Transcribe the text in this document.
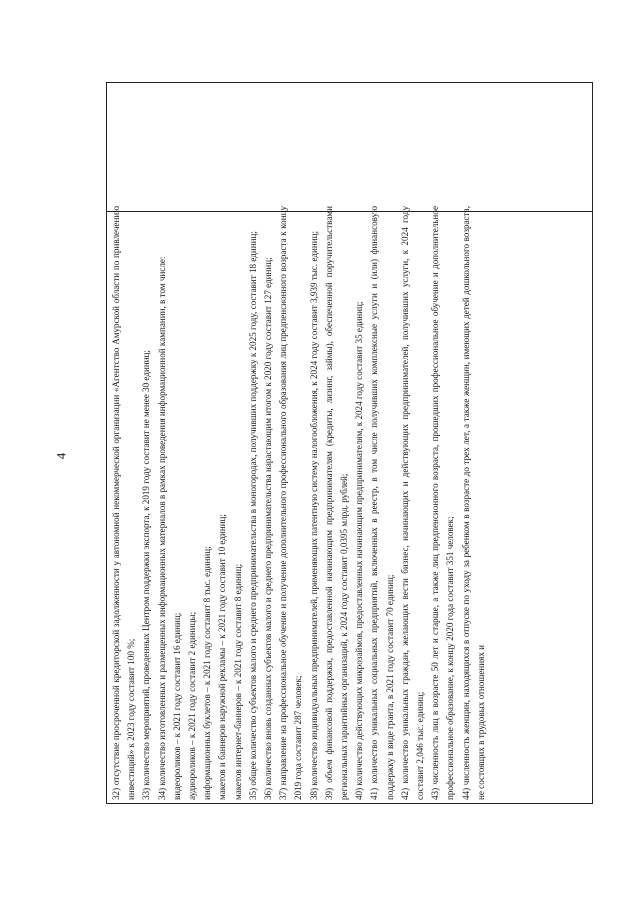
4	32) отсутствие просроченной кредиторской задолженности у автономной некоммерческой организации «Агентство Амурской области по привлечению инвестиций» к 2023 году составит 100 %; 33) количество мероприятий, проведенных Центром поддержки экспорта, к 2019 году составит не менее 30 единиц; 34) количество изготовленных и размещенных информационных материалов в рамках проведения информационной кампании, в том числе: видеороликов – к 2021 году составит 16 единиц; аудиороликов – к 2021 году составит 2 единицы; информационных буклетов – к 2021 году составит 8 тыс. единиц; макетов и баннеров наружной рекламы – к 2021 году составит 10 единиц; макетов интернет-баннеров – к 2021 году составит 8 единиц; 35) общее количество субъектов малого и среднего предпринимательства в моногородах, получивших поддержку к 2025 году, составит 18 единиц; 36) количество вновь созданных субъектов малого и среднего предпринимательства нарастающим итогом к 2020 году составит 127 единиц; 37) направление на профессиональное обучение и получение дополнительного профессионального образования лиц предпенсионного возраста к концу 2019 года составит 287 человек; 38) количество индивидуальных предпринимателей, применяющих патентную систему налогообложения, к 2024 году составит 3,939 тыс. единиц; 39) объем финансовой поддержки, предоставленной начинающим предпринимателям (кредиты, лизинг, займы), обеспеченной поручительствами региональных гарантийных организаций, к 2024 году составит 0,0395 млрд. рублей; 40) количество действующих микрозаймов, предоставленных начинающим предпринимателям, к 2024 году составит 35 единиц; 41) количество уникальных социальных предприятий, включенных в реестр, в том числе получивших комплексные услуги и (или) финансовую поддержку в виде гранта, в 2021 году составит 70 единиц; 42) количество уникальных граждан, желающих вести бизнес, начинающих и действующих предпринимателей, получивших услуги, к 2024 году составит 2,046 тыс. единиц; 43) численность лиц в возрасте 50 лет и старше, а также лиц предпенсионного возраста, прошедших профессиональное обучение и дополнительное профессиональное образование, к концу 2020 года составит 351 человек; 44) численность женщин, находящихся в отпуске по уходу за ребенком в возрасте до трех лет, а также женщин, имеющих детей дошкольного возраста, не состоящих в трудовых отношениях и
